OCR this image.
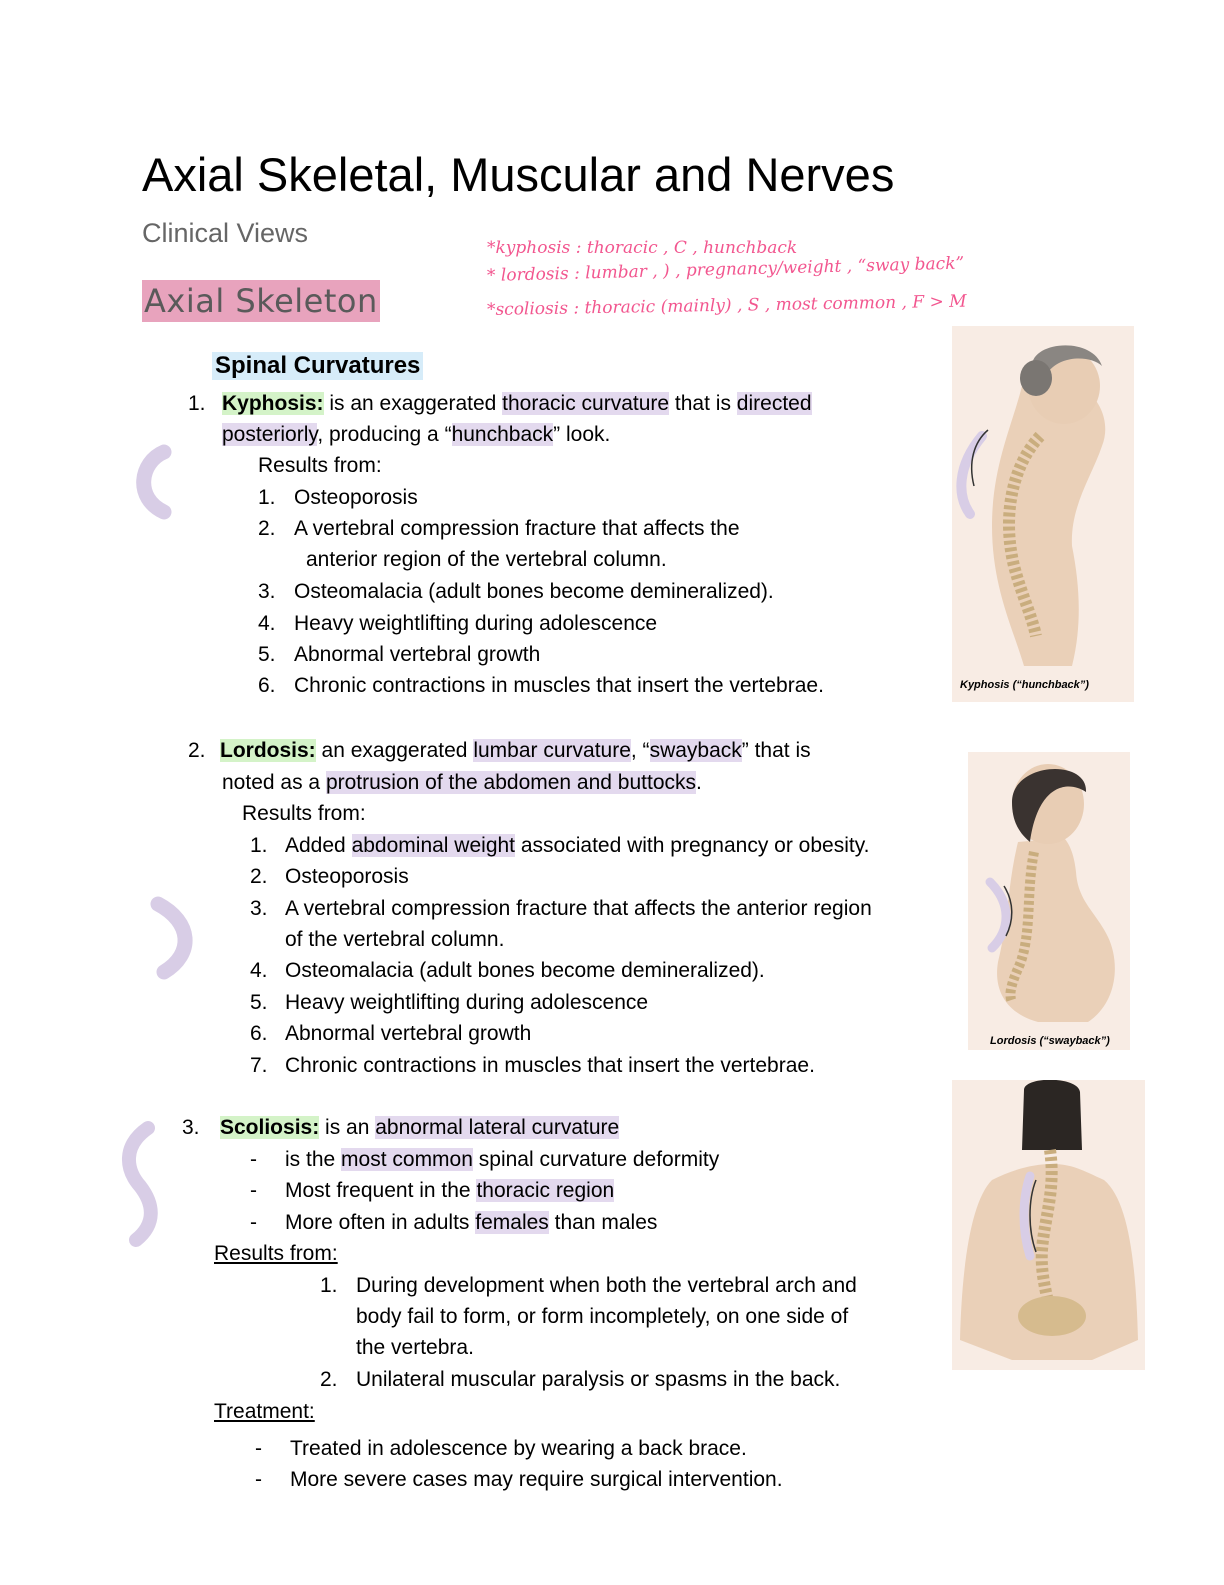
Axial Skeletal, Muscular and Nerves
Clinical Views
Axial Skeleton
*kyphosis : thoracic , C , hunchback
* lordosis : lumbar , ) , pregnancy/weight , “sway back”
*scoliosis : thoracic (mainly) , S , most common , F > M
Spinal Curvatures
1. Kyphosis: is an exaggerated thoracic curvature that is directed
posteriorly, producing a “hunchback” look.
Results from:
1. Osteoporosis
2. A vertebral compression fracture that affects the
anterior region of the vertebral column.
3. Osteomalacia (adult bones become demineralized).
4. Heavy weightlifting during adolescence
5. Abnormal vertebral growth
6. Chronic contractions in muscles that insert the vertebrae.	Kyphosis (“hunchback”)
2. Lordosis: an exaggerated lumbar curvature, “swayback” that is
noted as a protrusion of the abdomen and buttocks.
Results from:
1. Added abdominal weight associated with pregnancy or obesity.
2. Osteoporosis
3. A vertebral compression fracture that affects the anterior region
of the vertebral column.
4. Osteomalacia (adult bones become demineralized).
5. Heavy weightlifting during adolescence
6. Abnormal vertebral growth
7. Chronic contractions in muscles that insert the vertebrae.
Lordosis (“swayback”)
3. Scoliosis: is an abnormal lateral curvature
- is the most common spinal curvature deformity
- Most frequent in the thoracic region
- More often in adults females than males
Results from:
1. During development when both the vertebral arch and
body fail to form, or form incompletely, on one side of
the vertebra.
2. Unilateral muscular paralysis or spasms in the back.
Treatment:
- Treated in adolescence by wearing a back brace.
- More severe cases may require surgical intervention.
